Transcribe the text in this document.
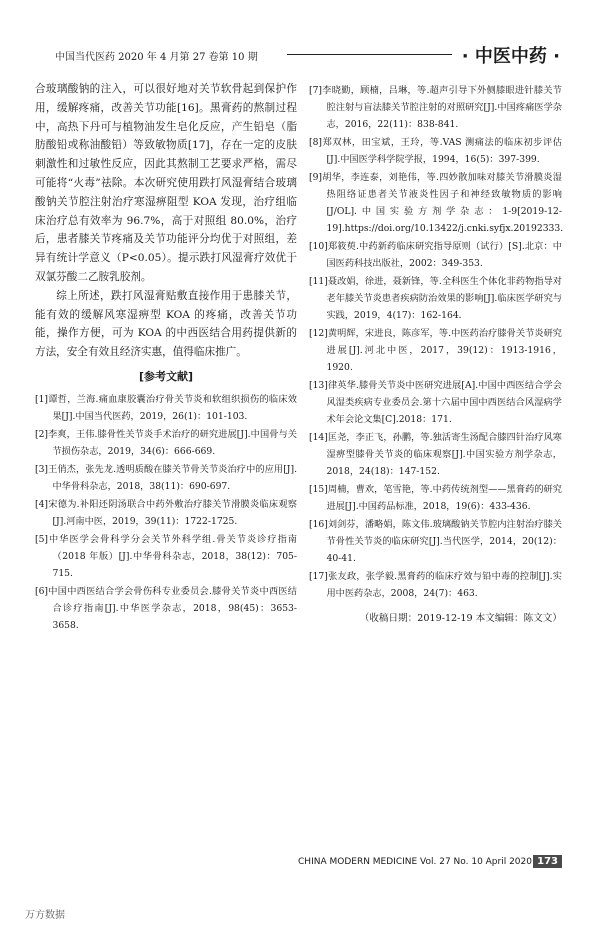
中国当代医药 2020 年 4 月第 27 卷第 10 期	· 中医中药 ·

合玻璃酸钠的注入，可以很好地对关节软骨起到保护作用，缓解疼痛，改善关节功能[16]。黑膏药的熬制过程中，高热下丹可与植物油发生皂化反应，产生铅皂（脂肪酸铅或称油酸铅）等致敏物质[17]，存在一定的皮肤刺激性和过敏性反应，因此其熬制工艺要求严格，需尽可能将“火毒”祛除。本次研究使用跌打风湿膏结合玻璃酸钠关节腔注射治疗寒湿痹阻型 KOA 发现，治疗组临床治疗总有效率为 96.7%，高于对照组 80.0%，治疗后，患者膝关节疼痛及关节功能评分均优于对照组，差异有统计学意义（P<0.05）。提示跌打风湿膏疗效优于双氯芬酸二乙胺乳胶剂。

综上所述，跌打风湿膏贴敷直接作用于患膝关节，能有效的缓解风寒湿痹型 KOA 的疼痛，改善关节功能，操作方便，可为 KOA 的中西医结合用药提供新的方法，安全有效且经济实惠，值得临床推广。

[参考文献]

[1]谭哲，兰海.痛血康胶囊治疗骨关节炎和软组织损伤的临床效果[J].中国当代医药，2019，26(1)：101-103.

[2]李爽，王伟.膝骨性关节炎手术治疗的研究进展[J].中国骨与关节损伤杂志，2019，34(6)：666-669.

[3]王俏杰，张先龙.透明质酸在膝关节骨关节炎治疗中的应用[J].中华骨科杂志，2018，38(11)：690-697.

[4]宋德为.补阳还阴汤联合中药外敷治疗膝关节滑膜炎临床观察[J].河南中医，2019，39(11)：1722-1725.

[5]中华医学会骨科学分会关节外科学组.骨关节炎诊疗指南（2018 年版）[J].中华骨科杂志，2018，38(12)：705-715.

[6]中国中西医结合学会骨伤科专业委员会.膝骨关节炎中西医结合诊疗指南[J].中华医学杂志，2018，98(45)：3653-3658.

[7]李晓勤，顾楠，吕琳，等.超声引导下外侧膝眼进针膝关节腔注射与盲法膝关节腔注射的对照研究[J].中国疼痛医学杂志，2016，22(11)：838-841.

[8]郑双林，田宝斌，王玲，等.VAS 测痛法的临床初步评估[J].中国医学科学院学报，1994，16(5)：397-399.

[9]胡华，李连泰，刘艳伟，等.四妙散加味对膝关节滑膜炎湿热阻络证患者关节液炎性因子和神经致敏物质的影响[J/OL].中国实验方剂学杂志：1-9[2019-12-19].https://doi.org/10.13422/j.cnki.syfjx.20192333.

[10]郑筱萸.中药新药临床研究指导原则（试行）[S].北京：中国医药科技出版社，2002：349-353.

[11]聂改娟，徐进，聂新锋，等.全科医生个体化非药物指导对老年膝关节炎患者疾病防治效果的影响[J].临床医学研究与实践，2019，4(17)：162-164.

[12]黄明辉，宋进良，陈彦军，等.中医药治疗膝骨关节炎研究进展[J].河北中医，2017，39(12)：1913-1916，1920.

[13]律英华.膝骨关节炎中医研究进展[A].中国中西医结合学会风湿类疾病专业委员会.第十六届中国中西医结合风湿病学术年会论文集[C].2018：171.

[14]匡尧，李正飞，孙鹏，等.独活寄生汤配合膝四针治疗风寒湿痹型膝骨关节炎的临床观察[J].中国实验方剂学杂志，2018，24(18)：147-152.

[15]周楠，曹欢，笔雪艳，等.中药传统剂型——黑膏药的研究进展[J].中国药品标准，2018，19(6)：433-436.

[16]刘剑芬，潘略娟，陈文伟.玻璃酸钠关节腔内注射治疗膝关节骨性关节炎的临床研究[J].当代医学，2014，20(12)：40-41.

[17]张友政，张学毅.黑膏药的临床疗效与铅中毒的控制[J].实用中医药杂志，2008，24(7)：463.

（收稿日期：2019-12-19 本文编辑：陈文文）
CHINA MODERN MEDICINE Vol. 27 No. 10 April 2020 173
万方数据
